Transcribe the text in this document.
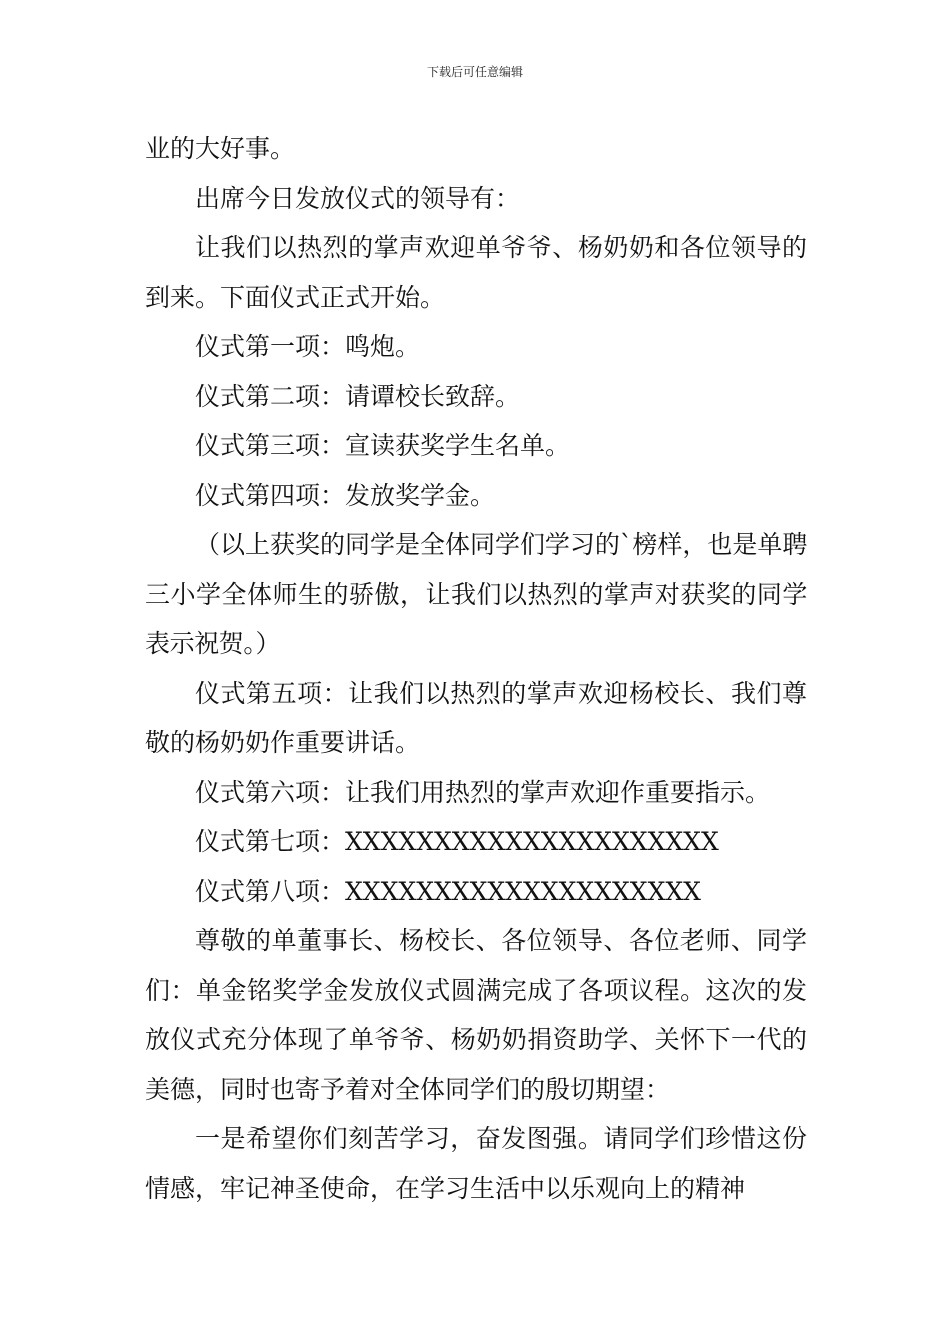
下载后可任意编辑

业的大好事。

出席今日发放仪式的领导有：

让我们以热烈的掌声欢迎单爷爷、杨奶奶和各位领导的到来。下面仪式正式开始。

仪式第一项：鸣炮。

仪式第二项：请谭校长致辞。

仪式第三项：宣读获奖学生名单。

仪式第四项：发放奖学金。

（以上获奖的同学是全体同学们学习的`榜样，也是单聘三小学全体师生的骄傲，让我们以热烈的掌声对获奖的同学表示祝贺。）

仪式第五项：让我们以热烈的掌声欢迎杨校长、我们尊敬的杨奶奶作重要讲话。

仪式第六项：让我们用热烈的掌声欢迎作重要指示。

仪式第七项：XXXXXXXXXXXXXXXXXXXXX

仪式第八项：XXXXXXXXXXXXXXXXXXXX

尊敬的单董事长、杨校长、各位领导、各位老师、同学们：单金铭奖学金发放仪式圆满完成了各项议程。这次的发放仪式充分体现了单爷爷、杨奶奶捐资助学、关怀下一代的美德，同时也寄予着对全体同学们的殷切期望：

一是希望你们刻苦学习，奋发图强。请同学们珍惜这份情感，牢记神圣使命，在学习生活中以乐观向上的精神
